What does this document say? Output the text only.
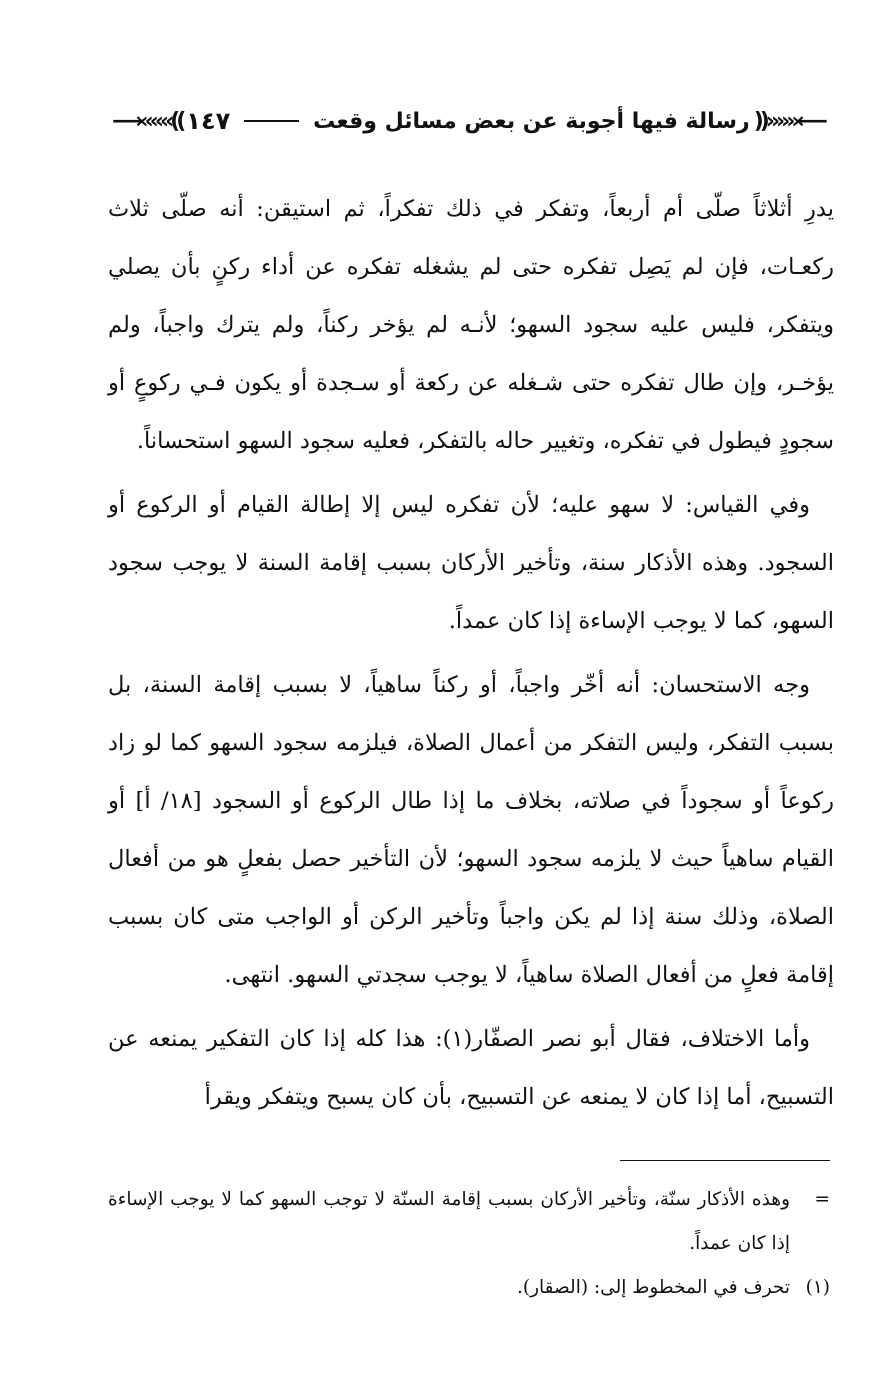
⟵«««((
رسالة فيها أجوبة عن بعض مسائل وقعت
١٤٧
))»»»⟶

يدرِ أثلاثاً صلّى أم أربعاً، وتفكر في ذلك تفكراً، ثم استيقن: أنه صلّى ثلاث ركعـات، فإن لم يَصِل تفكره حتى لم يشغله تفكره عن أداء ركنٍ بأن يصلي ويتفكر، فليس عليه سجود السهو؛ لأنـه لم يؤخر ركناً، ولم يترك واجباً، ولم يؤخـر، وإن طال تفكره حتى شـغله عن ركعة أو سـجدة أو يكون فـي ركوعٍ أو سجودٍ فيطول في تفكره، وتغيير حاله بالتفكر، فعليه سجود السهو استحساناً.

وفي القياس: لا سهو عليه؛ لأن تفكره ليس إلا إطالة القيام أو الركوع أو السجود. وهذه الأذكار سنة، وتأخير الأركان بسبب إقامة السنة لا يوجب سجود السهو، كما لا يوجب الإساءة إذا كان عمداً.

وجه الاستحسان: أنه أخّر واجباً، أو ركناً ساهياً، لا بسبب إقامة السنة، بل بسبب التفكر، وليس التفكر من أعمال الصلاة، فيلزمه سجود السهو كما لو زاد ركوعاً أو سجوداً في صلاته، بخلاف ما إذا طال الركوع أو السجود [١٨/ أ] أو القيام ساهياً حيث لا يلزمه سجود السهو؛ لأن التأخير حصل بفعلٍ هو من أفعال الصلاة، وذلك سنة إذا لم يكن واجباً وتأخير الركن أو الواجب متى كان بسبب إقامة فعلٍ من أفعال الصلاة ساهياً، لا يوجب سجدتي السهو. انتهى.

وأما الاختلاف، فقال أبو نصر الصفّار(١): هذا كله إذا كان التفكير يمنعه عن التسبيح، أما إذا كان لا يمنعه عن التسبيح، بأن كان يسبح ويتفكر ويقرأ

=
وهذه الأذكار سنّة، وتأخير الأركان بسبب إقامة السنّة لا توجب السهو كما لا يوجب الإساءة إذا كان عمداً.
(١)
تحرف في المخطوط إلى: (الصقار).
